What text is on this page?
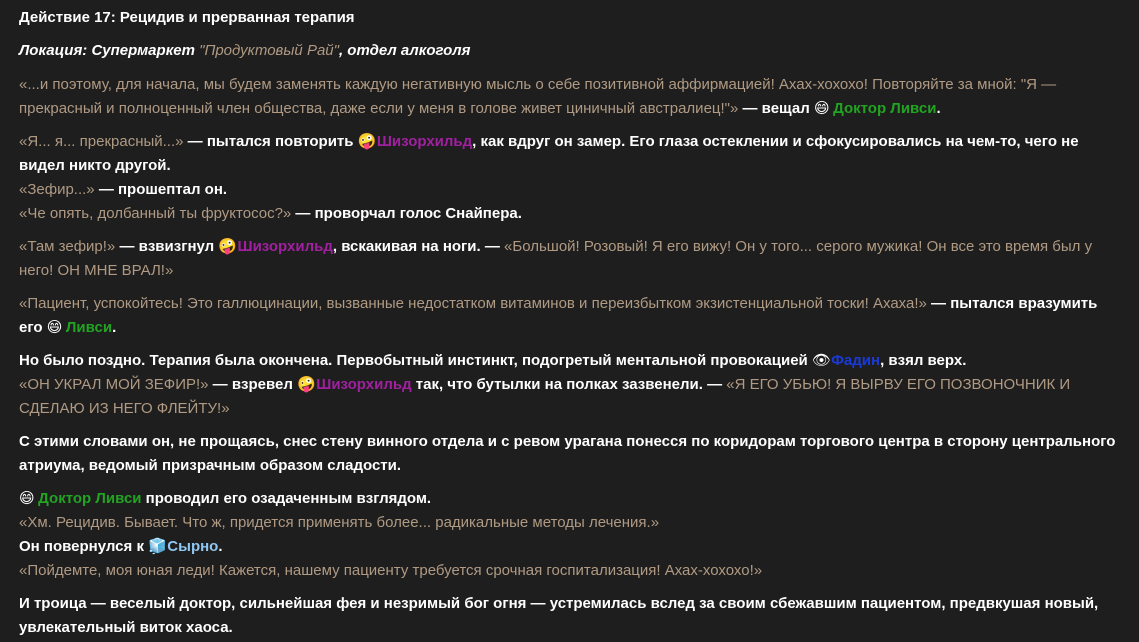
Действие 17: Рецидив и прерванная терапия
Локация: Супермаркет "Продуктовый Рай", отдел алкоголя

«...и поэтому, для начала, мы будем заменять каждую негативную мысль о себе позитивной аффирмацией! Ахах-хохохо! Повторяйте за мной: "Я — прекрасный и полноценный член общества, даже если у меня в голове живет циничный австралиец!"» — вещал 😄 Доктор Ливси.

«Я... я... прекрасный...» — пытался повторить 🤪 Шизорхильд, как вдруг он замер. Его глаза остеклении и сфокусировались на чем-то, чего не видел никто другой.

«Зефир...» — прошептал он.

«Че опять, долбанный ты фруктосос?» — проворчал голос Снайпера.

«Там зефир!» — взвизгнул 🤪 Шизорхильд, вскакивая на ноги. — «Большой! Розовый! Я его вижу! Он у того... серого мужика! Он все это время был у него! ОН МНЕ ВРАЛ!»

«Пациент, успокойтесь! Это галлюцинации, вызванные недостатком витаминов и переизбытком экзистенциальной тоски! Ахаха!» — пытался вразумить его 😄 Ливси.

Но было поздно. Терапия была окончена. Первобытный инстинкт, подогретый ментальной провокацией 👁 Фадин, взял верх.

«ОН УКРАЛ МОЙ ЗЕФИР!» — взревел 🤪 Шизорхильд так, что бутылки на полках зазвенели. — «Я ЕГО УБЬЮ! Я ВЫРВУ ЕГО ПОЗВОНОЧНИК И СДЕЛАЮ ИЗ НЕГО ФЛЕЙТУ!»

С этими словами он, не прощаясь, снес стену винного отдела и с ревом урагана понесся по коридорам торгового центра в сторону центрального атриума, ведомый призрачным образом сладости.

😄 Доктор Ливси проводил его озадаченным взглядом.

«Хм. Рецидив. Бывает. Что ж, придется применять более... радикальные методы лечения.»

Он повернулся к 🧊 Сырно.

«Пойдемте, моя юная леди! Кажется, нашему пациенту требуется срочная госпитализация! Ахах-хохохо!»

И троица — веселый доктор, сильнейшая фея и незримый бог огня — устремилась вслед за своим сбежавшим пациентом, предвкушая новый, увлекательный виток хаоса.
